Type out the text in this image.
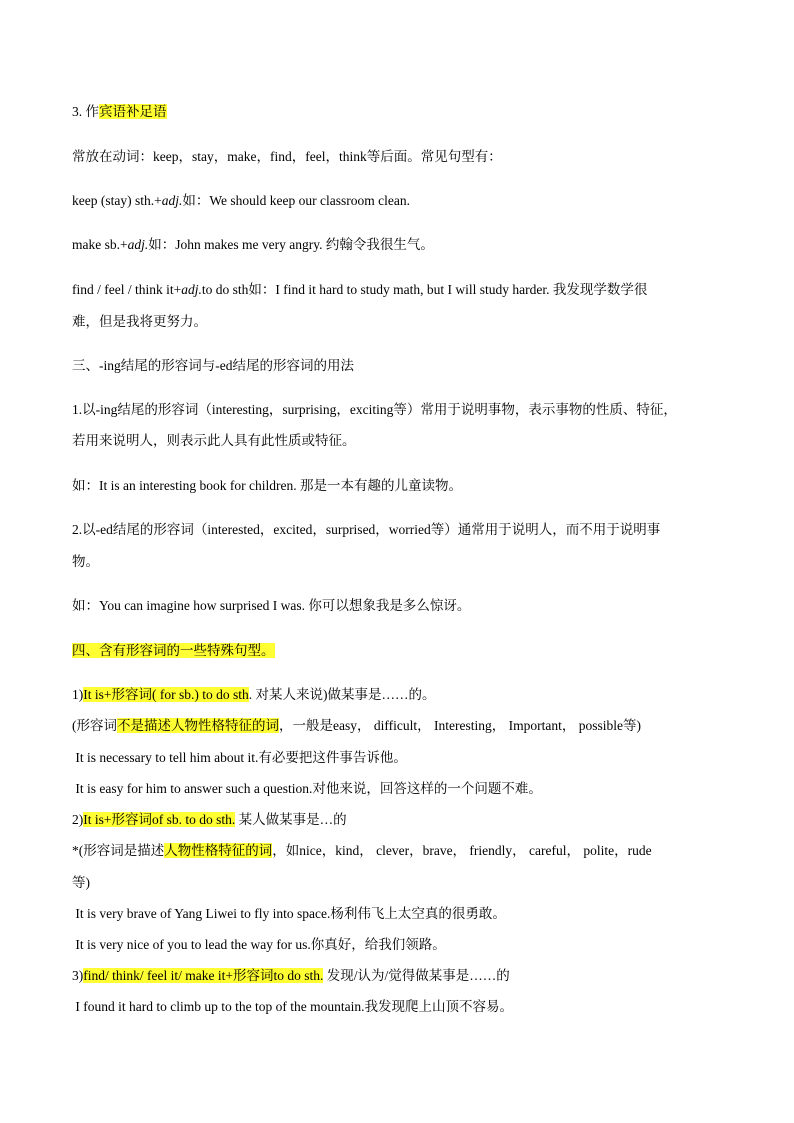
3. 作宾语补足语
常放在动词：keep，stay，make，find，feel，think等后面。常见句型有：
keep (stay) sth.+adj.如：We should keep our classroom clean.
make sb.+adj.如：John makes me very angry. 约翰令我很生气。
find / feel / think it+adj.to do sth如：I find it hard to study math, but I will study harder. 我发现学数学很
难，但是我将更努力。
三、-ing结尾的形容词与-ed结尾的形容词的用法
1.以-ing结尾的形容词（interesting，surprising，exciting等）常用于说明事物，表示事物的性质、特征，
若用来说明人，则表示此人具有此性质或特征。
如：It is an interesting book for children. 那是一本有趣的儿童读物。
2.以-ed结尾的形容词（interested，excited，surprised，worried等）通常用于说明人，而不用于说明事
物。
如：You can imagine how surprised I was. 你可以想象我是多么惊讶。
四、含有形容词的一些特殊句型。
1)It is+形容词( for sb.) to do sth. 对某人来说)做某事是……的。
(形容词不是描述人物性格特征的词，一般是easy， difficult， Interesting， Important， possible等)
It is necessary to tell him about it.有必要把这件事告诉他。
It is easy for him to answer such a question.对他来说，回答这样的一个问题不难。
2)It is+形容词of sb. to do sth. 某人做某事是…的
*(形容词是描述人物性格特征的词，如nice，kind， clever，brave， friendly， careful， polite，rude
等)
It is very brave of Yang Liwei to fly into space.杨利伟飞上太空真的很勇敢。
It is very nice of you to lead the way for us.你真好，给我们领路。
3)find/ think/ feel it/ make it+形容词to do sth. 发现/认为/觉得做某事是……的
I found it hard to climb up to the top of the mountain.我发现爬上山顶不容易。
